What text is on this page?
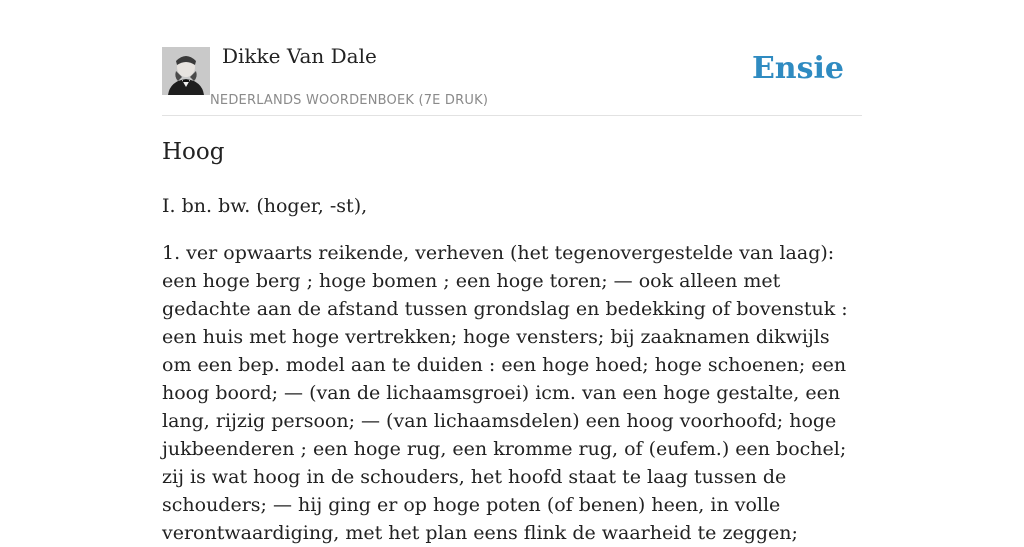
Dikke Van Dale
NEDERLANDS WOORDENBOEK (7E DRUK)
Ensie
Hoog

I. bn. bw. (hoger, -st),

1. ver opwaarts reikende, verheven (het tegenovergestelde van laag): een hoge berg ; hoge bomen ; een hoge toren; — ook alleen met gedachte aan de afstand tussen grondslag en bedekking of bovenstuk : een huis met hoge vertrekken; hoge vensters; bij zaaknamen dikwijls om een bep. model aan te duiden : een hoge hoed; hoge schoenen; een hoog boord; — (van de lichaamsgroei) icm. van een hoge gestalte, een lang, rijzig persoon; — (van lichaamsdelen) een hoog voorhoofd; hoge jukbeenderen ; een hoge rug, een kromme rug, of (eufem.) een bochel; zij is wat hoog in de schouders, het hoofd staat te laag tussen de schouders; — hij ging er op hoge poten (of benen) heen, in volle verontwaardiging, met het plan eens flink de waarheid te zeggen;
